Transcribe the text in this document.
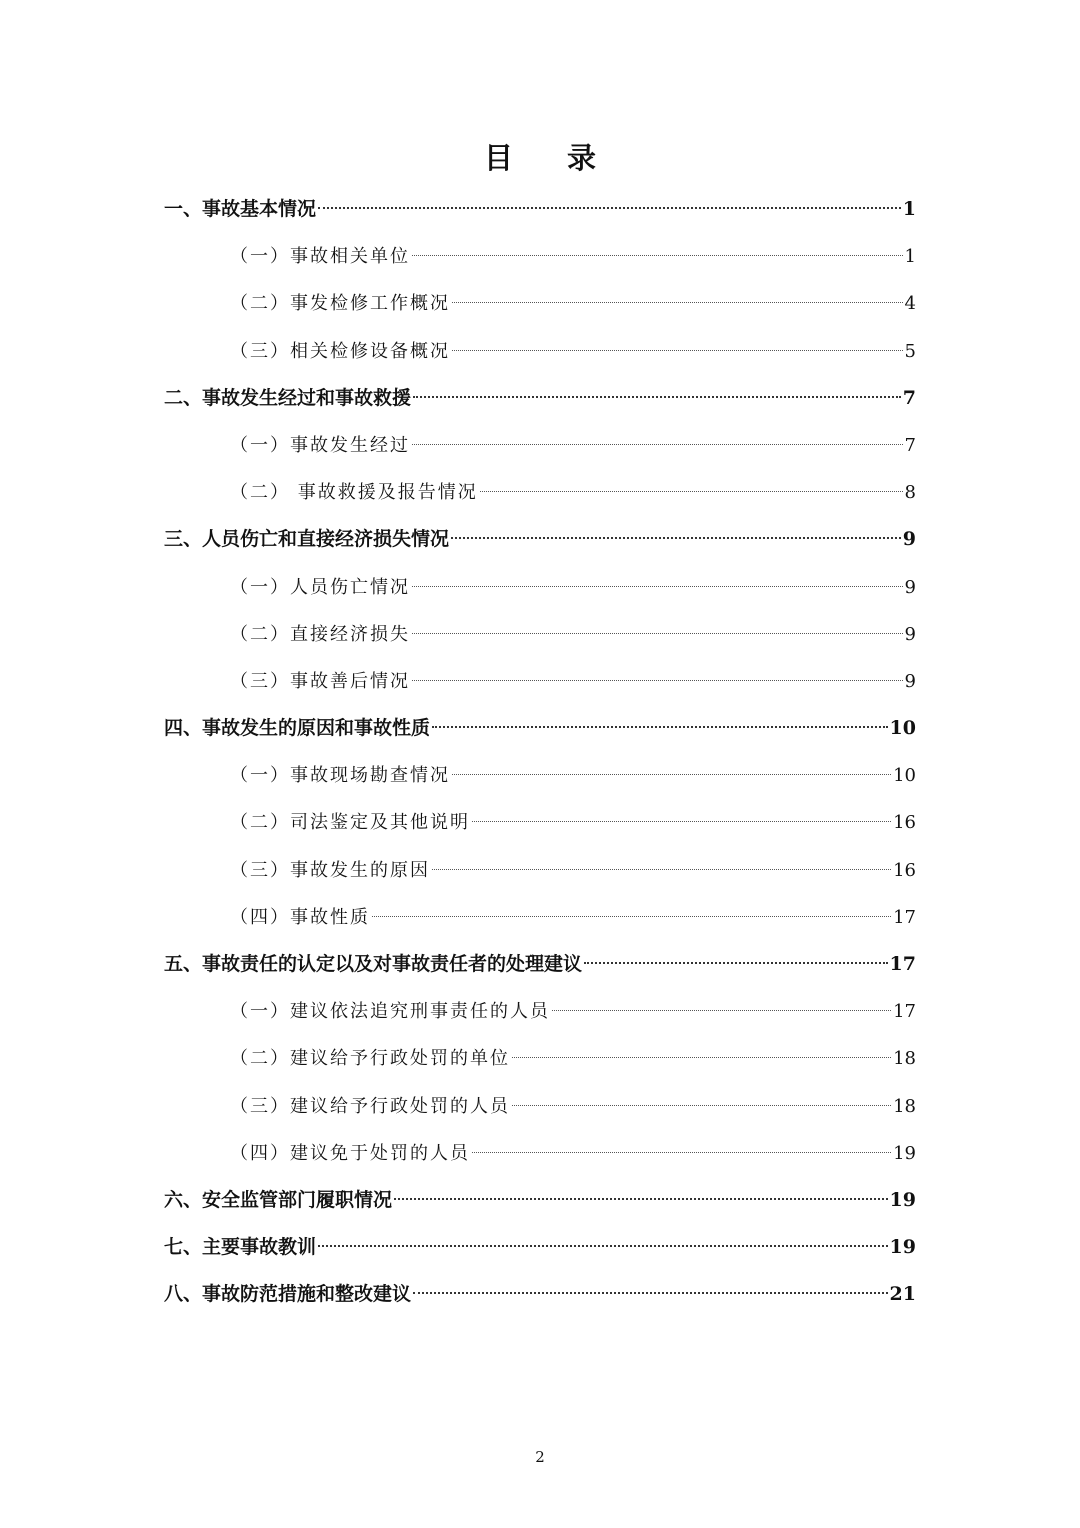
目 录
一、事故基本情况	1
（一）事故相关单位	1
（二）事发检修工作概况	4
（三）相关检修设备概况	5
二、事故发生经过和事故救援	7
（一）事故发生经过	7
（二） 事故救援及报告情况	8
三、人员伤亡和直接经济损失情况	9
（一）人员伤亡情况	9
（二）直接经济损失	9
（三）事故善后情况	9
四、事故发生的原因和事故性质	10
（一）事故现场勘查情况	10
（二）司法鉴定及其他说明	16
（三）事故发生的原因	16
（四）事故性质	17
五、事故责任的认定以及对事故责任者的处理建议	17
（一）建议依法追究刑事责任的人员	17
（二）建议给予行政处罚的单位	18
（三）建议给予行政处罚的人员	18
（四）建议免于处罚的人员	19
六、安全监管部门履职情况	19
七、主要事故教训	19
八、事故防范措施和整改建议	21
2
